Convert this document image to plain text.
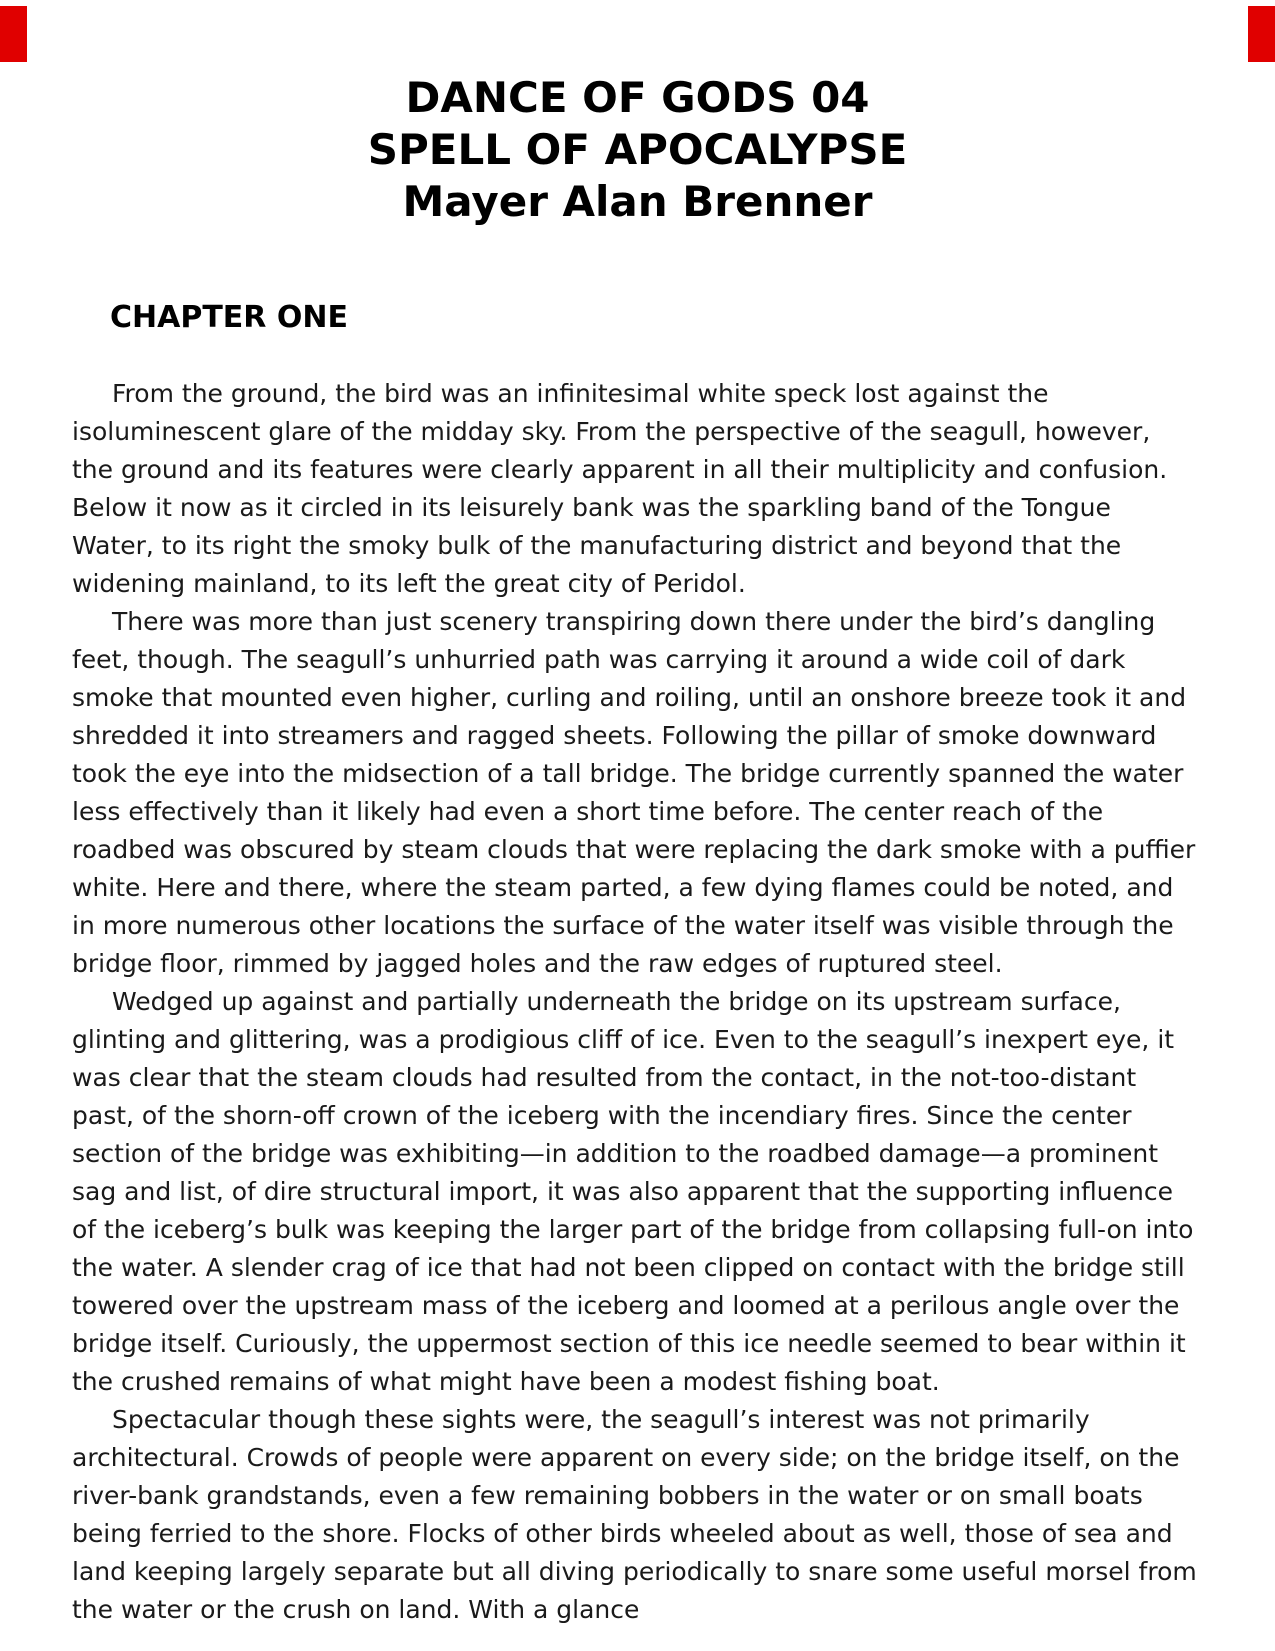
DANCE OF GODS 04
SPELL OF APOCALYPSE
Mayer Alan Brenner
CHAPTER ONE

From the ground, the bird was an infinitesimal white speck lost against the isoluminescent glare of the midday sky. From the perspective of the seagull, however, the ground and its features were clearly apparent in all their multiplicity and confusion. Below it now as it circled in its leisurely bank was the sparkling band of the Tongue Water, to its right the smoky bulk of the manufacturing district and beyond that the widening mainland, to its left the great city of Peridol.

There was more than just scenery transpiring down there under the bird’s dangling feet, though. The seagull’s unhurried path was carrying it around a wide coil of dark smoke that mounted even higher, curling and roiling, until an onshore breeze took it and shredded it into streamers and ragged sheets. Following the pillar of smoke downward took the eye into the midsection of a tall bridge. The bridge currently spanned the water less effectively than it likely had even a short time before. The center reach of the roadbed was obscured by steam clouds that were replacing the dark smoke with a puffier white. Here and there, where the steam parted, a few dying flames could be noted, and in more numerous other locations the surface of the water itself was visible through the bridge floor, rimmed by jagged holes and the raw edges of ruptured steel.

Wedged up against and partially underneath the bridge on its upstream surface, glinting and glittering, was a prodigious cliff of ice. Even to the seagull’s inexpert eye, it was clear that the steam clouds had resulted from the contact, in the not-too-distant past, of the shorn-off crown of the iceberg with the incendiary fires. Since the center section of the bridge was exhibiting—in addition to the roadbed damage—a prominent sag and list, of dire structural import, it was also apparent that the supporting influence of the iceberg’s bulk was keeping the larger part of the bridge from collapsing full-on into the water. A slender crag of ice that had not been clipped on contact with the bridge still towered over the upstream mass of the iceberg and loomed at a perilous angle over the bridge itself. Curiously, the uppermost section of this ice needle seemed to bear within it the crushed remains of what might have been a modest fishing boat.

Spectacular though these sights were, the seagull’s interest was not primarily architectural. Crowds of people were apparent on every side; on the bridge itself, on the river-bank grandstands, even a few remaining bobbers in the water or on small boats being ferried to the shore. Flocks of other birds wheeled about as well, those of sea and land keeping largely separate but all diving periodically to snare some useful morsel from the water or the crush on land. With a glance
